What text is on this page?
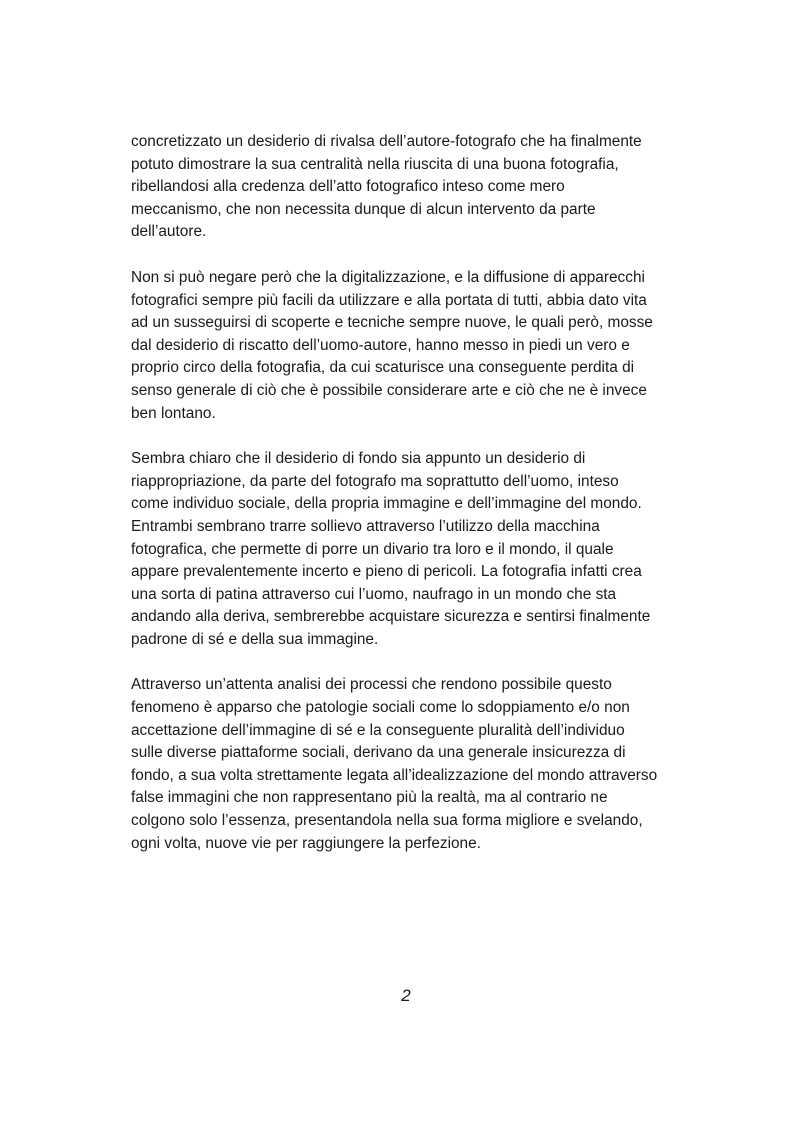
concretizzato un desiderio di rivalsa dell’autore-fotografo che ha finalmente
potuto dimostrare la sua centralità nella riuscita di una buona fotografia,
ribellandosi alla credenza dell’atto fotografico inteso come mero
meccanismo, che non necessita dunque di alcun intervento da parte
dell’autore.

Non si può negare però che la digitalizzazione, e la diffusione di apparecchi
fotografici sempre più facili da utilizzare e alla portata di tutti, abbia dato vita
ad un susseguirsi di scoperte e tecniche sempre nuove, le quali però, mosse
dal desiderio di riscatto dell’uomo-autore, hanno messo in piedi un vero e
proprio circo della fotografia, da cui scaturisce una conseguente perdita di
senso generale di ciò che è possibile considerare arte e ciò che ne è invece
ben lontano.

Sembra chiaro che il desiderio di fondo sia appunto un desiderio di
riappropriazione, da parte del fotografo ma soprattutto dell’uomo, inteso
come individuo sociale, della propria immagine e dell’immagine del mondo.
Entrambi sembrano trarre sollievo attraverso l’utilizzo della macchina
fotografica, che permette di porre un divario tra loro e il mondo, il quale
appare prevalentemente incerto e pieno di pericoli. La fotografia infatti crea
una sorta di patina attraverso cui l’uomo, naufrago in un mondo che sta
andando alla deriva, sembrerebbe acquistare sicurezza e sentirsi finalmente
padrone di sé e della sua immagine.

Attraverso un’attenta analisi dei processi che rendono possibile questo
fenomeno è apparso che patologie sociali come lo sdoppiamento e/o non
accettazione dell’immagine di sé e la conseguente pluralità dell’individuo
sulle diverse piattaforme sociali, derivano da una generale insicurezza di
fondo, a sua volta strettamente legata all’idealizzazione del mondo attraverso
false immagini che non rappresentano più la realtà, ma al contrario ne
colgono solo l’essenza, presentandola nella sua forma migliore e svelando,
ogni volta, nuove vie per raggiungere la perfezione.

2
